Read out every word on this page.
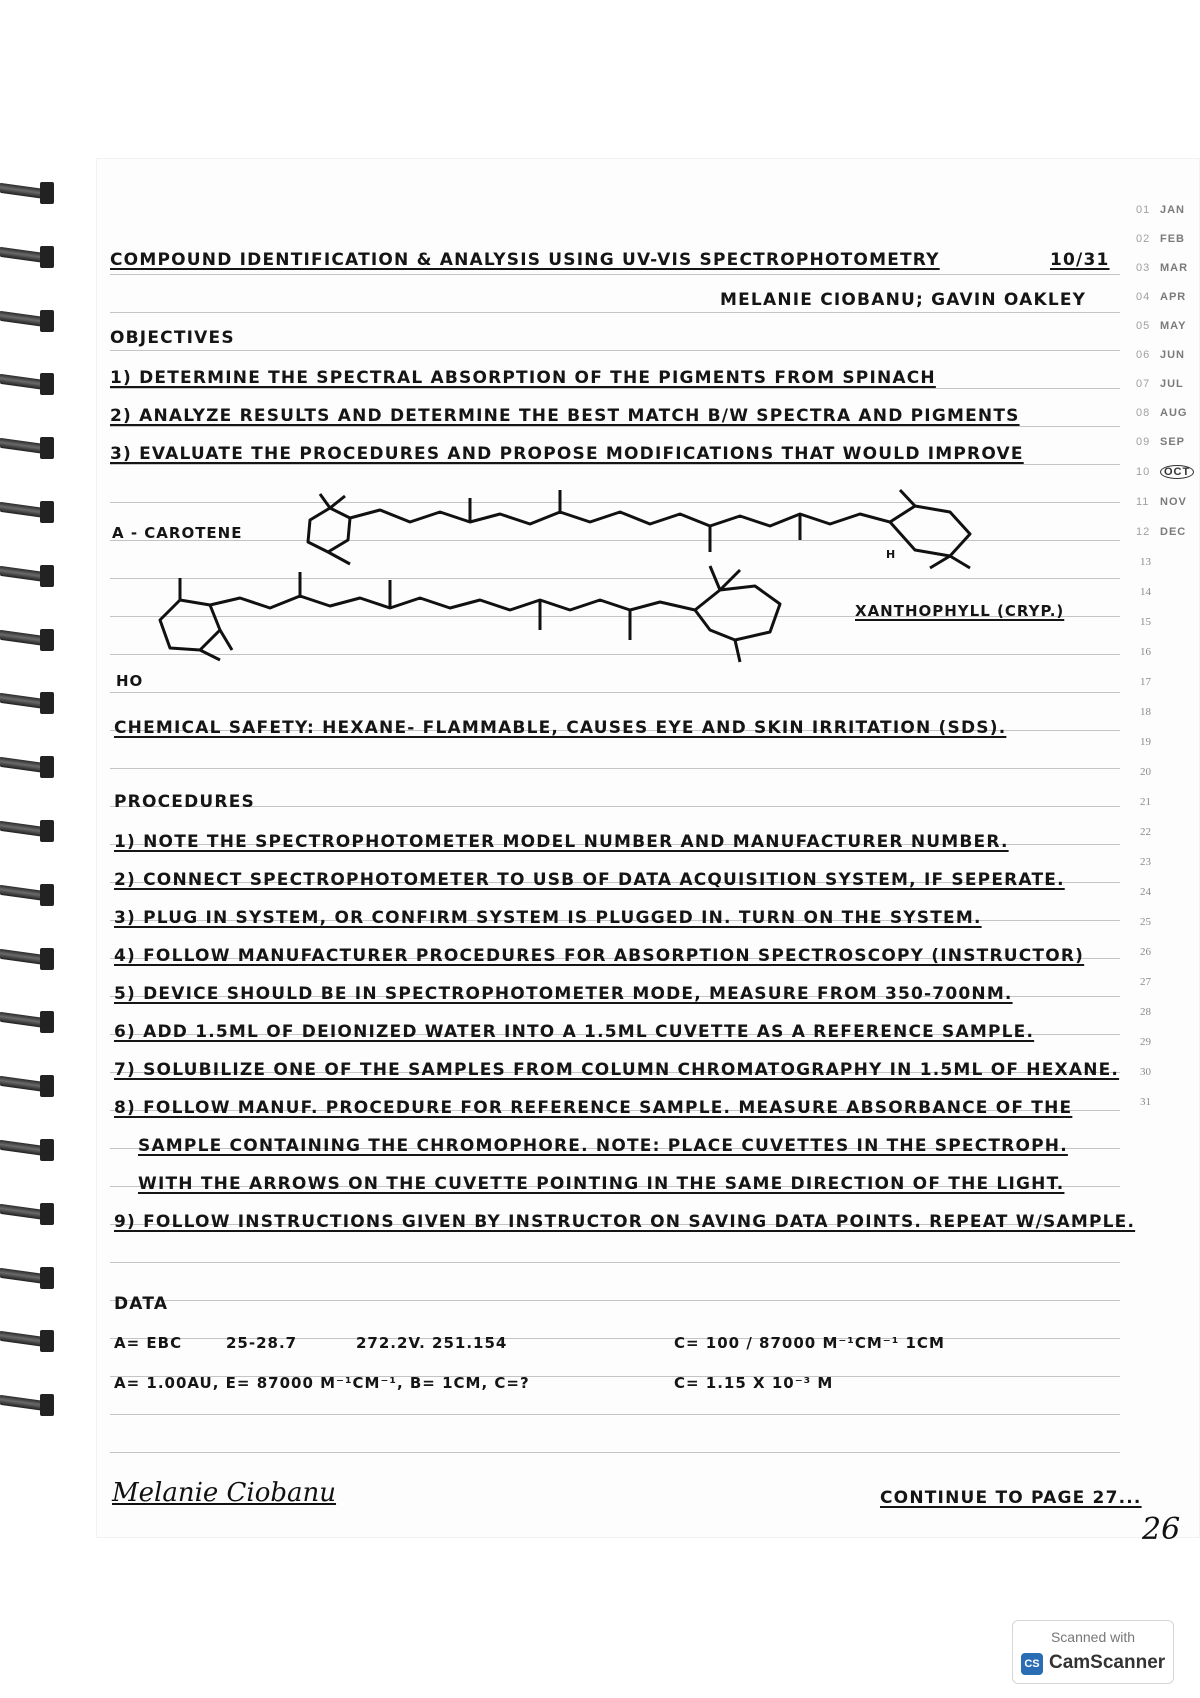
01 JAN
02 FEB
03 MAR
04 APR
05 MAY
06 JUN
07 JUL
08 AUG
09 SEP
10 OCT
11 NOV
12 DEC
13
14
15
16
17
18
19
20
21
22
23
24
25
26
27
28
29
30
31
COMPOUND IDENTIFICATION & ANALYSIS USING UV-VIS SPECTROPHOTOMETRY	10/31
MELANIE CIOBANU; GAVIN OAKLEY
OBJECTIVES
1) DETERMINE THE SPECTRAL ABSORPTION OF THE PIGMENTS FROM SPINACH
2) ANALYZE RESULTS AND DETERMINE THE BEST MATCH B/W SPECTRA AND PIGMENTS
3) EVALUATE THE PROCEDURES AND PROPOSE MODIFICATIONS THAT WOULD IMPROVE
Α - CAROTENE
H
HO
XANTHOPHYLL (CRYP.)
CHEMICAL SAFETY: HEXANE- FLAMMABLE, CAUSES EYE AND SKIN IRRITATION (SDS).
PROCEDURES
1) NOTE THE SPECTROPHOTOMETER MODEL NUMBER AND MANUFACTURER NUMBER.
2) CONNECT SPECTROPHOTOMETER TO USB OF DATA ACQUISITION SYSTEM, IF SEPERATE.
3) PLUG IN SYSTEM, OR CONFIRM SYSTEM IS PLUGGED IN. TURN ON THE SYSTEM.
4) FOLLOW MANUFACTURER PROCEDURES FOR ABSORPTION SPECTROSCOPY (INSTRUCTOR)
5) DEVICE SHOULD BE IN SPECTROPHOTOMETER MODE, MEASURE FROM 350-700NM.
6) ADD 1.5ML OF DEIONIZED WATER INTO A 1.5ML CUVETTE AS A REFERENCE SAMPLE.
7) SOLUBILIZE ONE OF THE SAMPLES FROM COLUMN CHROMATOGRAPHY IN 1.5ML OF HEXANE.
8) FOLLOW MANUF. PROCEDURE FOR REFERENCE SAMPLE. MEASURE ABSORBANCE OF THE
SAMPLE CONTAINING THE CHROMOPHORE. NOTE: PLACE CUVETTES IN THE SPECTROPH.
WITH THE ARROWS ON THE CUVETTE POINTING IN THE SAME DIRECTION OF THE LIGHT.
9) FOLLOW INSTRUCTIONS GIVEN BY INSTRUCTOR ON SAVING DATA POINTS. REPEAT W/SAMPLE.
DATA
A= ΕBC	25-28.7	272.2V. 251.154	C= 100 / 87000 M⁻¹CM⁻¹ 1CM
A= 1.00AU, Ε= 87000 M⁻¹CM⁻¹, B= 1CM, C=?	C= 1.15 X 10⁻³ M
Melanie Ciobanu	CONTINUE TO PAGE 27...
26
Scanned with
CS CamScanner
